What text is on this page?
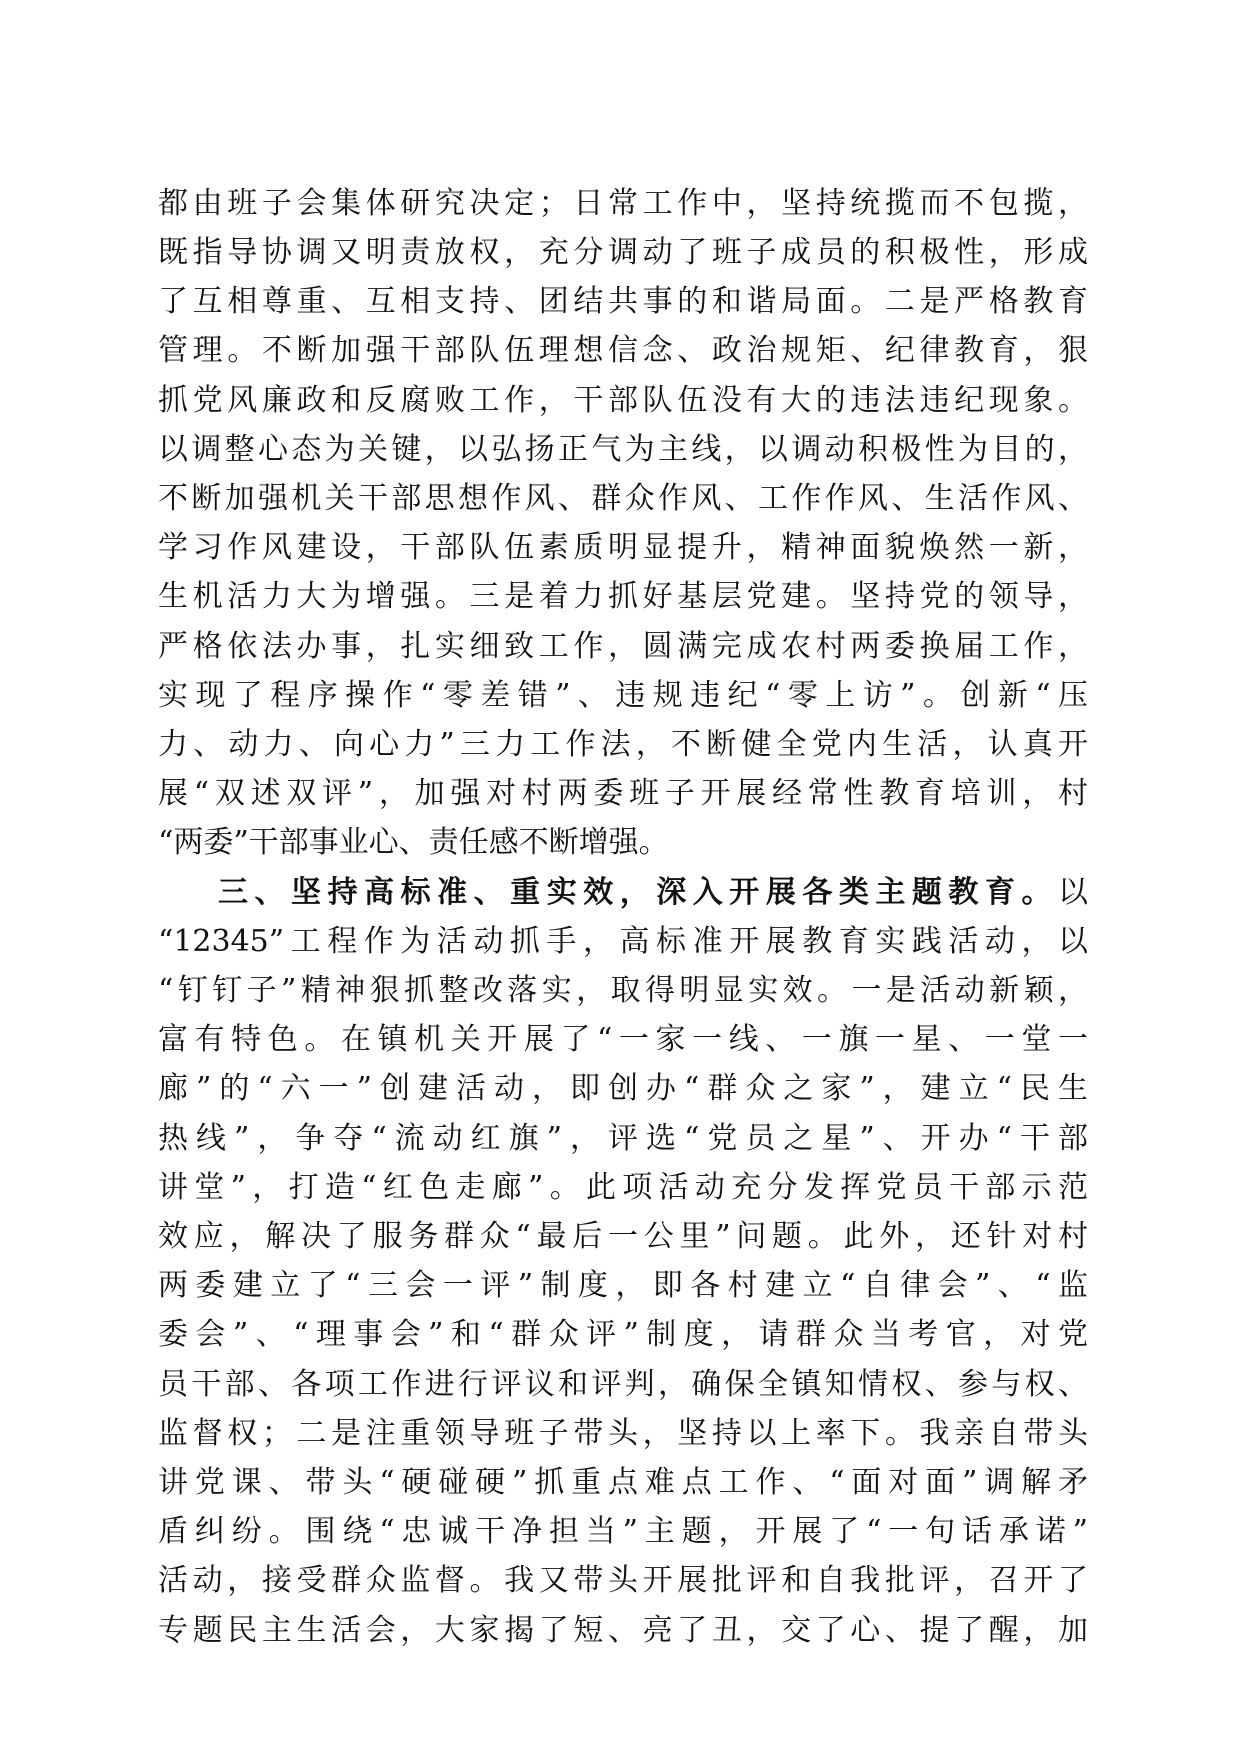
都由班子会集体研究决定；日常工作中，坚持统揽而不包揽，
既指导协调又明责放权，充分调动了班子成员的积极性，形成
了互相尊重、互相支持、团结共事的和谐局面。二是严格教育
管理。不断加强干部队伍理想信念、政治规矩、纪律教育，狠
抓党风廉政和反腐败工作，干部队伍没有大的违法违纪现象。
以调整心态为关键，以弘扬正气为主线，以调动积极性为目的，
不断加强机关干部思想作风、群众作风、工作作风、生活作风、
学习作风建设，干部队伍素质明显提升，精神面貌焕然一新，
生机活力大为增强。三是着力抓好基层党建。坚持党的领导，
严格依法办事，扎实细致工作，圆满完成农村两委换届工作，
实现了程序操作“零差错”、违规违纪“零上访”。创新“压
力、动力、向心力”三力工作法，不断健全党内生活，认真开
展“双述双评”，加强对村两委班子开展经常性教育培训，村
“两委”干部事业心、责任感不断增强。
三、坚持高标准、重实效，深入开展各类主题教育。以
“12345”工程作为活动抓手，高标准开展教育实践活动，以
“钉钉子”精神狠抓整改落实，取得明显实效。一是活动新颖，
富有特色。在镇机关开展了“一家一线、一旗一星、一堂一
廊”的“六一”创建活动，即创办“群众之家”，建立“民生
热线”，争夺“流动红旗”，评选“党员之星”、开办“干部
讲堂”，打造“红色走廊”。此项活动充分发挥党员干部示范
效应，解决了服务群众“最后一公里”问题。此外，还针对村
两委建立了“三会一评”制度，即各村建立“自律会”、“监
委会”、“理事会”和“群众评”制度，请群众当考官，对党
员干部、各项工作进行评议和评判，确保全镇知情权、参与权、
监督权；二是注重领导班子带头，坚持以上率下。我亲自带头
讲党课、带头“硬碰硬”抓重点难点工作、“面对面”调解矛
盾纠纷。围绕“忠诚干净担当”主题，开展了“一句话承诺”
活动，接受群众监督。我又带头开展批评和自我批评，召开了
专题民主生活会，大家揭了短、亮了丑，交了心、提了醒，加
